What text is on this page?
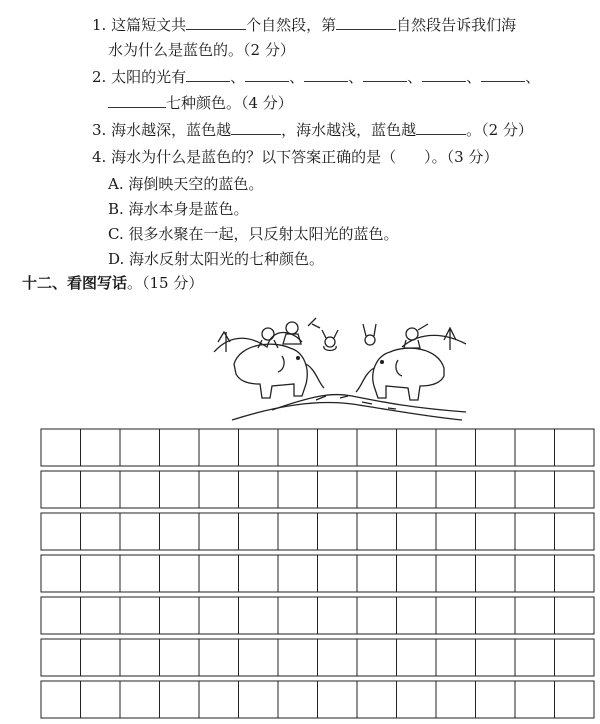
1. 这篇短文共	个自然段，第	自然段告诉我们海
水为什么是蓝色的。（2 分）
2. 太阳的光有	、	、	、	、	、	、
七种颜色。（4 分）
3. 海水越深，蓝色越	，海水越浅，蓝色越	。（2 分）
4. 海水为什么是蓝色的？以下答案正确的是（ ）。（3 分）
A. 海倒映天空的蓝色。
B. 海水本身是蓝色。
C. 很多水聚在一起，只反射太阳光的蓝色。
D. 海水反射太阳光的七种颜色。
十二、看图写话。（15 分）
